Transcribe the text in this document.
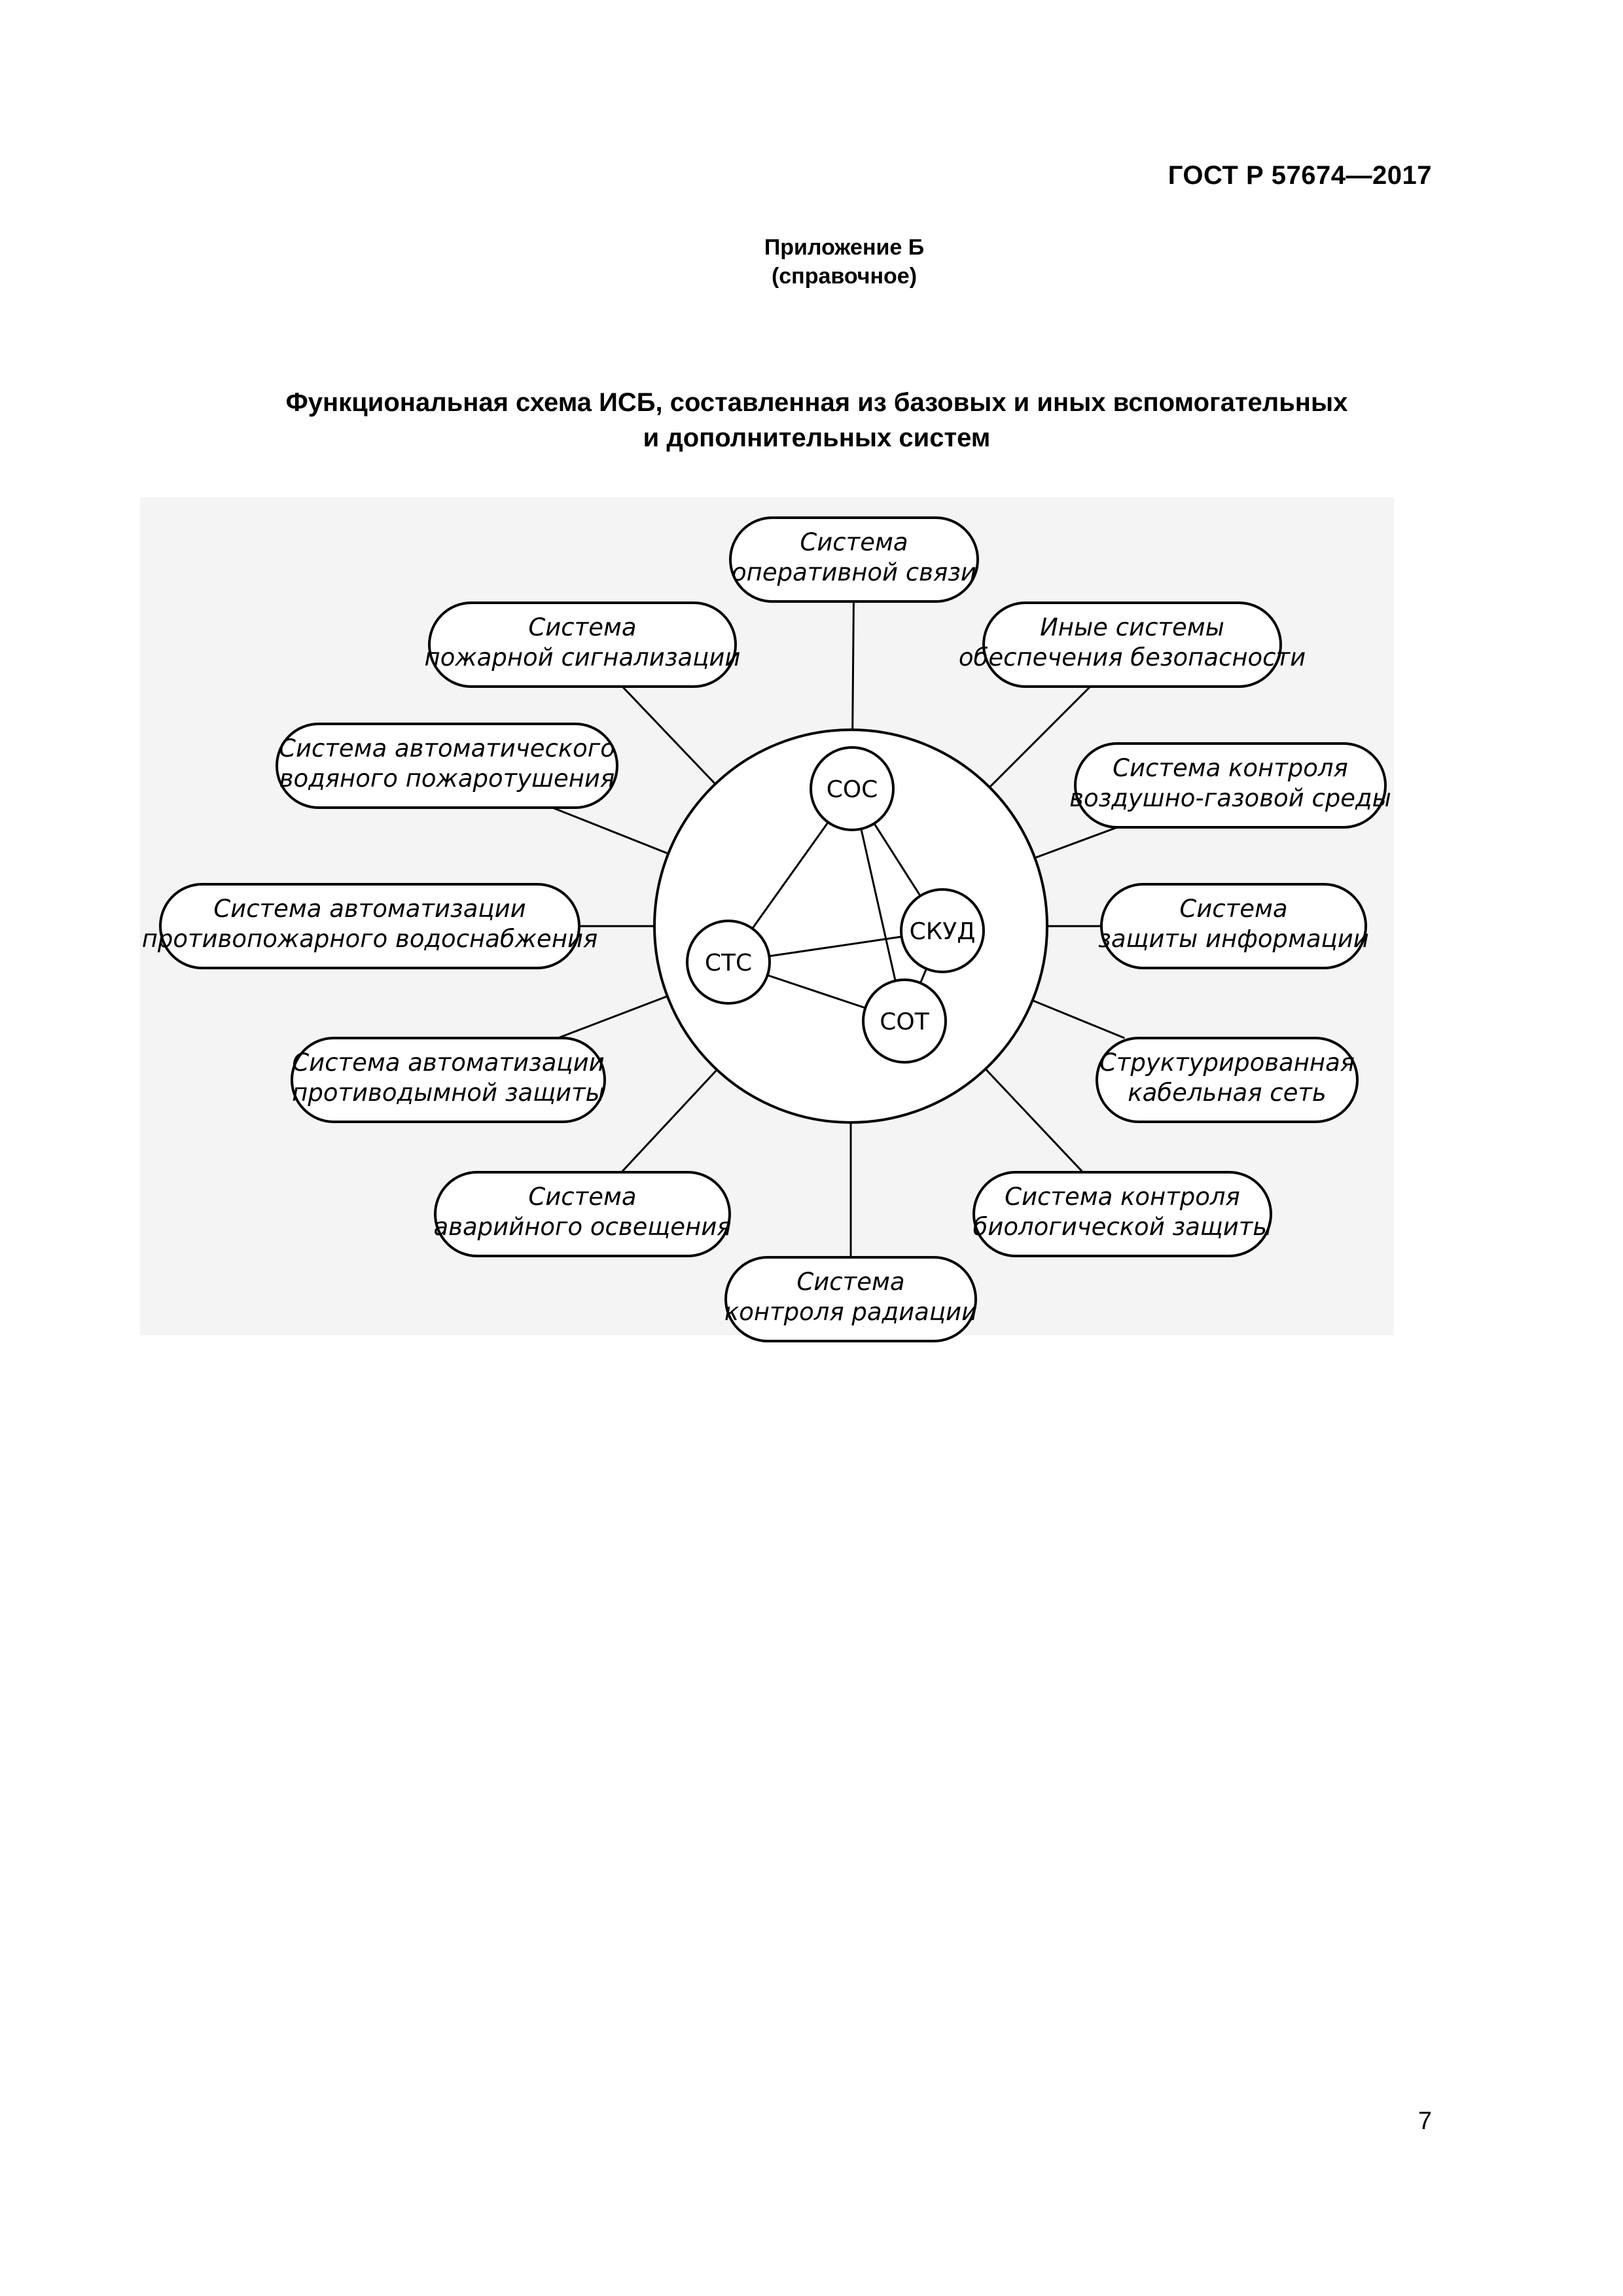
ГОСТ Р 57674—2017
Приложение Б
(справочное)
Функциональная схема ИСБ, составленная из базовых и иных вспомогательных
и дополнительных систем
СОС
СКУД
СТС
СОТ
Система
оперативной связи
Иные системы
обеспечения безопасности
Система контроля
воздушно-газовой среды
Система
защиты информации
Структурированная
кабельная сеть
Система контроля
биологической защиты
Система
контроля радиации
Система
аварийного освещения
Система автоматизации
противодымной защиты
Система автоматизации
противопожарного водоснабжения
Система автоматического
водяного пожаротушения
Система
пожарной сигнализации
7
